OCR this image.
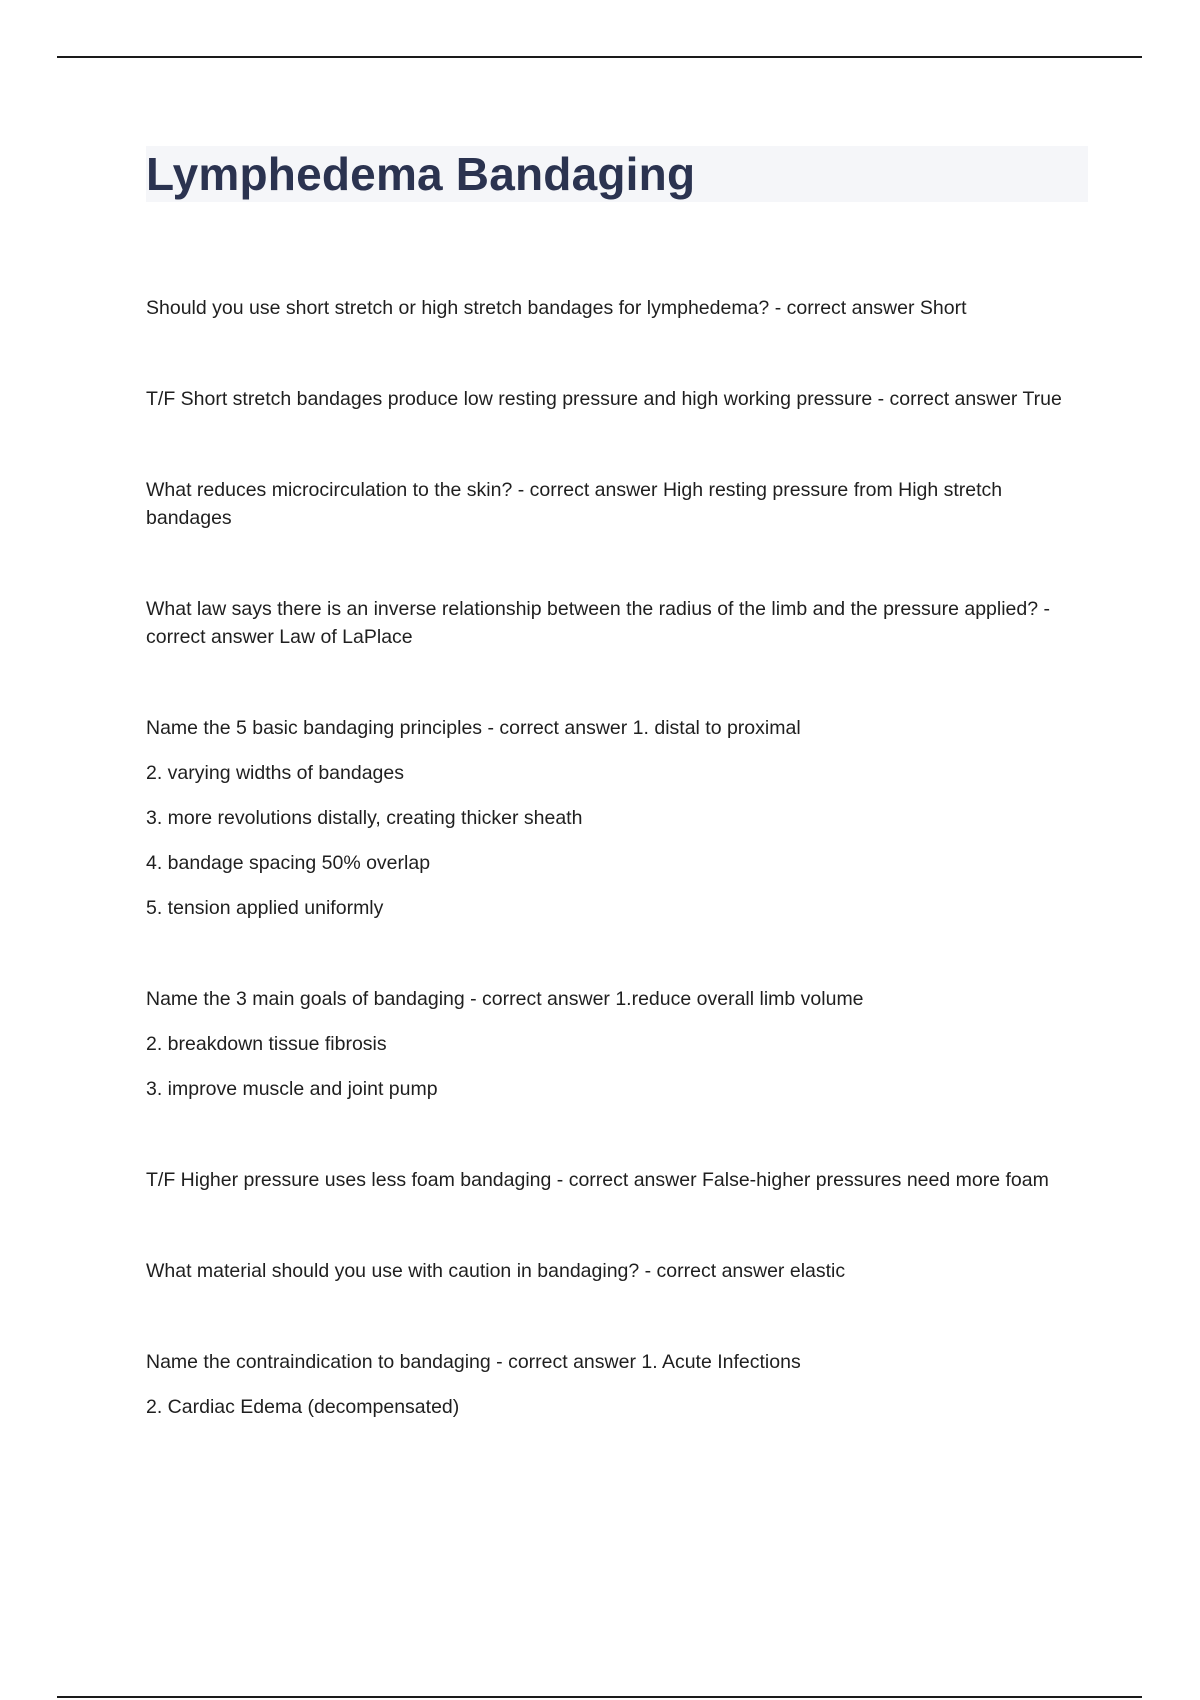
Lymphedema Bandaging

Should you use short stretch or high stretch bandages for lymphedema? - correct answer Short

T/F Short stretch bandages produce low resting pressure and high working pressure - correct answer True

What reduces microcirculation to the skin? - correct answer High resting pressure from High stretch bandages

What law says there is an inverse relationship between the radius of the limb and the pressure applied? - correct answer Law of LaPlace

Name the 5 basic bandaging principles - correct answer 1. distal to proximal

2. varying widths of bandages

3. more revolutions distally, creating thicker sheath

4. bandage spacing 50% overlap

5. tension applied uniformly

Name the 3 main goals of bandaging - correct answer 1.reduce overall limb volume

2. breakdown tissue fibrosis

3. improve muscle and joint pump

T/F Higher pressure uses less foam bandaging - correct answer False-higher pressures need more foam

What material should you use with caution in bandaging? - correct answer elastic

Name the contraindication to bandaging - correct answer 1. Acute Infections

2. Cardiac Edema (decompensated)
